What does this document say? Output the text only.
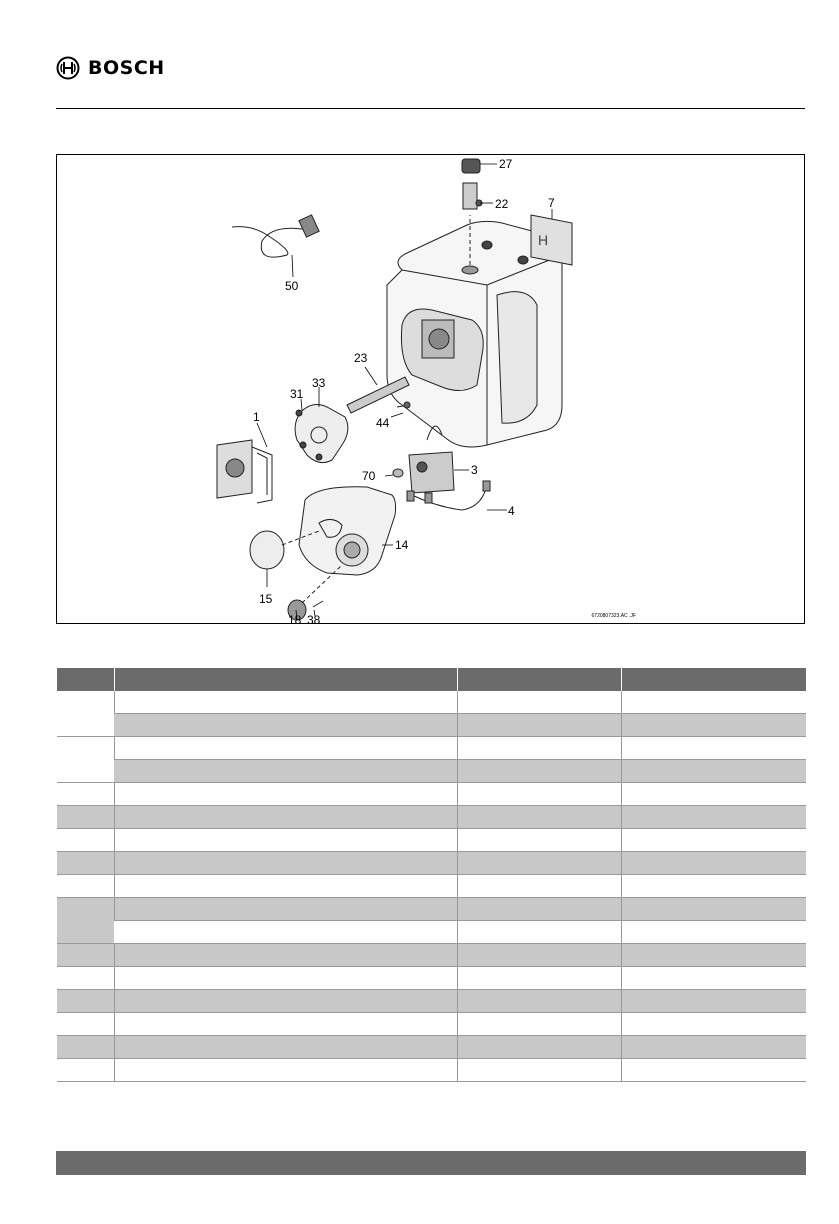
BOSCH
H
27
22	7
50
23
31
33
1	44
70	3
4
14
15
18 38	6720807323.AC .JF
